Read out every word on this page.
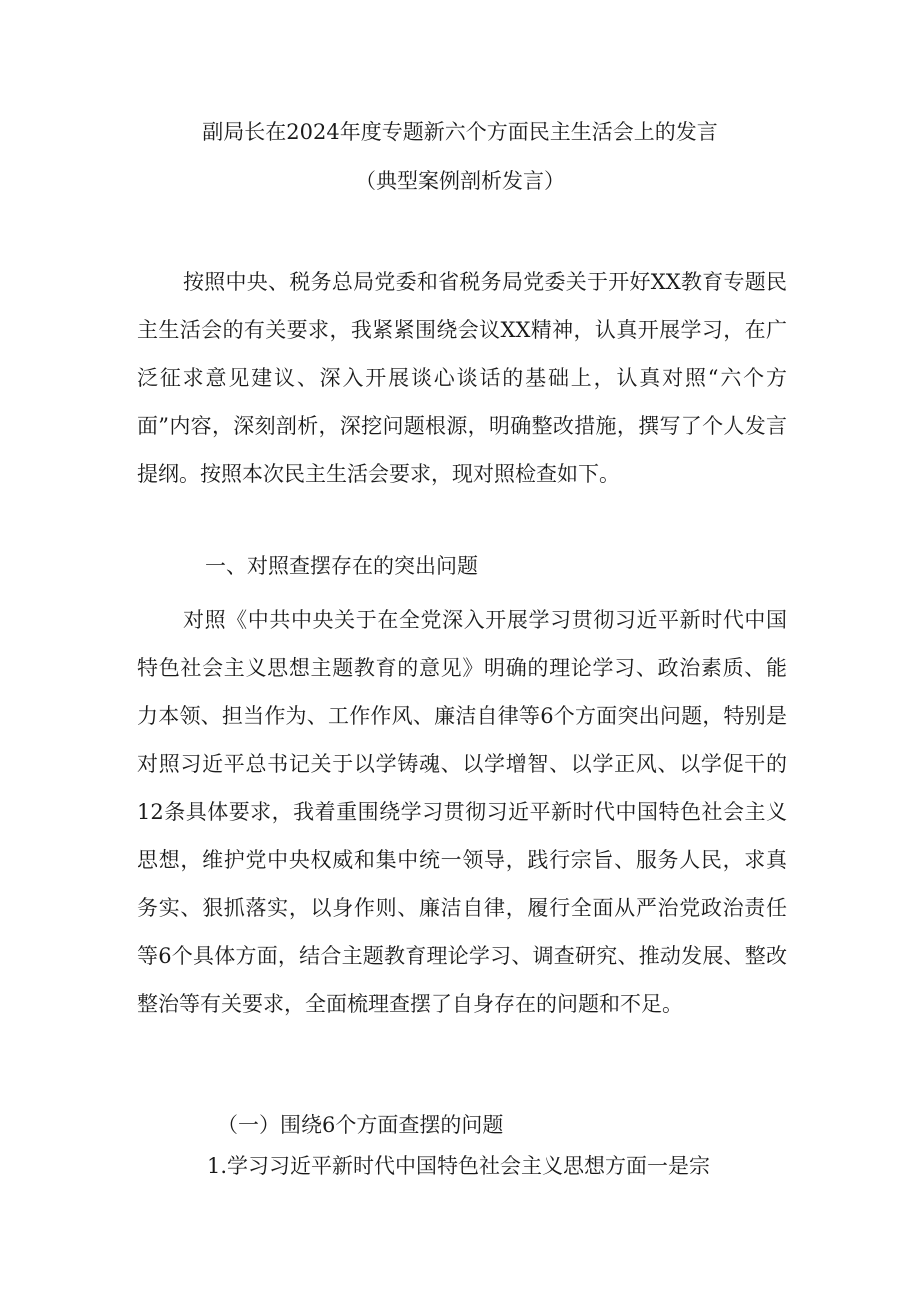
副局长在2024年度专题新六个方面民主生活会上的发言
（典型案例剖析发言）
按照中央、税务总局党委和省税务局党委关于开好XX教育专题民主生活会的有关要求，我紧紧围绕会议XX精神，认真开展学习，在广泛征求意见建议、深入开展谈心谈话的基础上，认真对照“六个方面”内容，深刻剖析，深挖问题根源，明确整改措施，撰写了个人发言提纲。按照本次民主生活会要求，现对照检查如下。
一、对照查摆存在的突出问题
对照《中共中央关于在全党深入开展学习贯彻习近平新时代中国特色社会主义思想主题教育的意见》明确的理论学习、政治素质、能力本领、担当作为、工作作风、廉洁自律等6个方面突出问题，特别是对照习近平总书记关于以学铸魂、以学增智、以学正风、以学促干的12条具体要求，我着重围绕学习贯彻习近平新时代中国特色社会主义思想，维护党中央权威和集中统一领导，践行宗旨、服务人民，求真务实、狠抓落实，以身作则、廉洁自律，履行全面从严治党政治责任等6个具体方面，结合主题教育理论学习、调查研究、推动发展、整改整治等有关要求，全面梳理查摆了自身存在的问题和不足。
（一）围绕6个方面查摆的问题
1.学习习近平新时代中国特色社会主义思想方面一是宗
